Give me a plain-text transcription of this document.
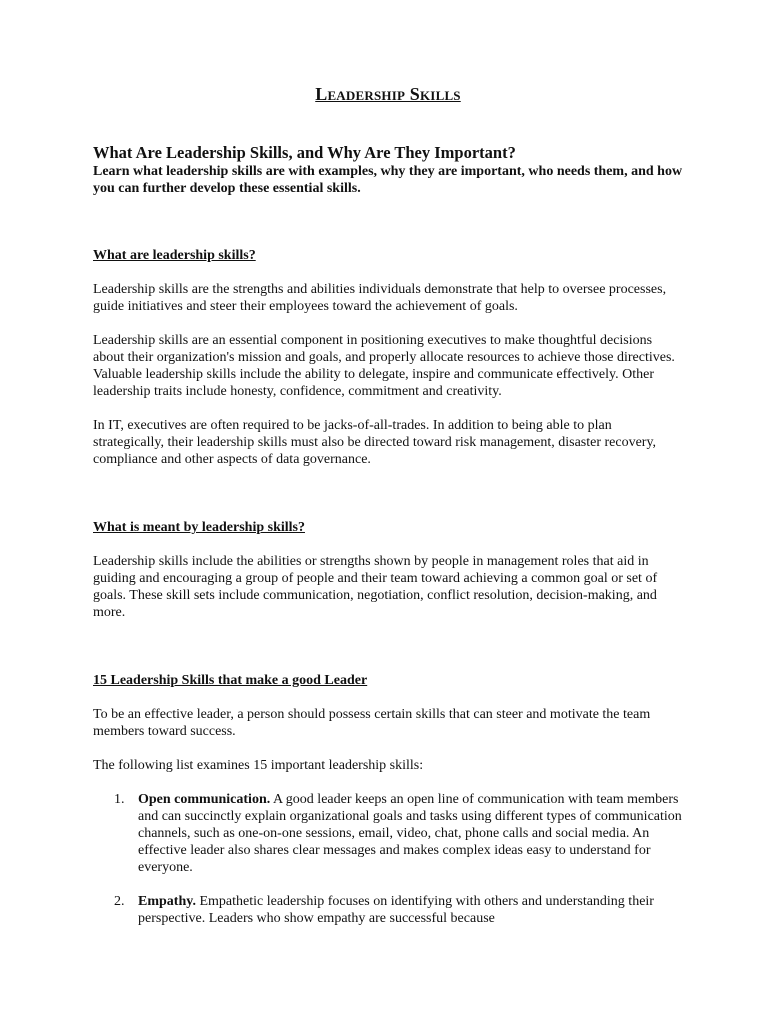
Leadership Skills
What Are Leadership Skills, and Why Are They Important?
Learn what leadership skills are with examples, why they are important, who needs them, and how you can further develop these essential skills.
What are leadership skills?

Leadership skills are the strengths and abilities individuals demonstrate that help to oversee processes, guide initiatives and steer their employees toward the achievement of goals.

Leadership skills are an essential component in positioning executives to make thoughtful decisions about their organization's mission and goals, and properly allocate resources to achieve those directives. Valuable leadership skills include the ability to delegate, inspire and communicate effectively. Other leadership traits include honesty, confidence, commitment and creativity.

In IT, executives are often required to be jacks-of-all-trades. In addition to being able to plan strategically, their leadership skills must also be directed toward risk management, disaster recovery, compliance and other aspects of data governance.

What is meant by leadership skills?

Leadership skills include the abilities or strengths shown by people in management roles that aid in guiding and encouraging a group of people and their team toward achieving a common goal or set of goals. These skill sets include communication, negotiation, conflict resolution, decision-making, and more.

15 Leadership Skills that make a good Leader

To be an effective leader, a person should possess certain skills that can steer and motivate the team members toward success.

The following list examines 15 important leadership skills:

1. Open communication. A good leader keeps an open line of communication with team members and can succinctly explain organizational goals and tasks using different types of communication channels, such as one-on-one sessions, email, video, chat, phone calls and social media. An effective leader also shares clear messages and makes complex ideas easy to understand for everyone.
2. Empathy. Empathetic leadership focuses on identifying with others and understanding their perspective. Leaders who show empathy are successful because
